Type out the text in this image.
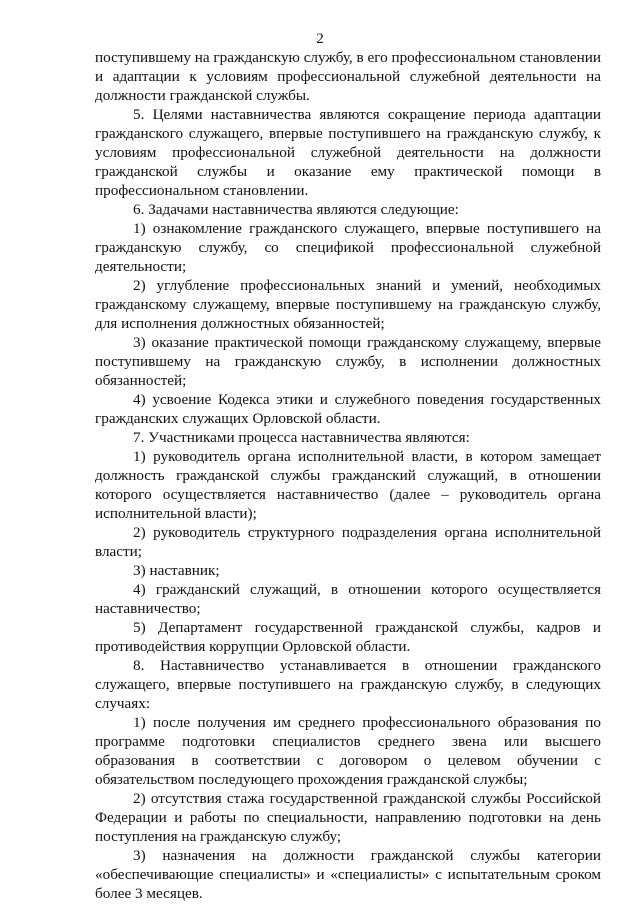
2

поступившему на гражданскую службу, в его профессиональном становлении и адаптации к условиям профессиональной служебной деятельности на должности гражданской службы.

5. Целями наставничества являются сокращение периода адаптации гражданского служащего, впервые поступившего на гражданскую службу, к условиям профессиональной служебной деятельности на должности гражданской службы и оказание ему практической помощи в профессиональном становлении.

6. Задачами наставничества являются следующие:

1) ознакомление гражданского служащего, впервые поступившего на гражданскую службу, со спецификой профессиональной служебной деятельности;

2) углубление профессиональных знаний и умений, необходимых гражданскому служащему, впервые поступившему на гражданскую службу, для исполнения должностных обязанностей;

3) оказание практической помощи гражданскому служащему, впервые поступившему на гражданскую службу, в исполнении должностных обязанностей;

4) усвоение Кодекса этики и служебного поведения государственных гражданских служащих Орловской области.

7. Участниками процесса наставничества являются:

1) руководитель органа исполнительной власти, в котором замещает должность гражданской службы гражданский служащий, в отношении которого осуществляется наставничество (далее – руководитель органа исполнительной власти);

2) руководитель структурного подразделения органа исполнительной власти;

3) наставник;

4) гражданский служащий, в отношении которого осуществляется наставничество;

5) Департамент государственной гражданской службы, кадров и противодействия коррупции Орловской области.

8. Наставничество устанавливается в отношении гражданского служащего, впервые поступившего на гражданскую службу, в следующих случаях:

1) после получения им среднего профессионального образования по программе подготовки специалистов среднего звена или высшего образования в соответствии с договором о целевом обучении с обязательством последующего прохождения гражданской службы;

2) отсутствия стажа государственной гражданской службы Российской Федерации и работы по специальности, направлению подготовки на день поступления на гражданскую службу;

3) назначения на должности гражданской службы категории «обеспечивающие специалисты» и «специалисты» с испытательным сроком более 3 месяцев.
